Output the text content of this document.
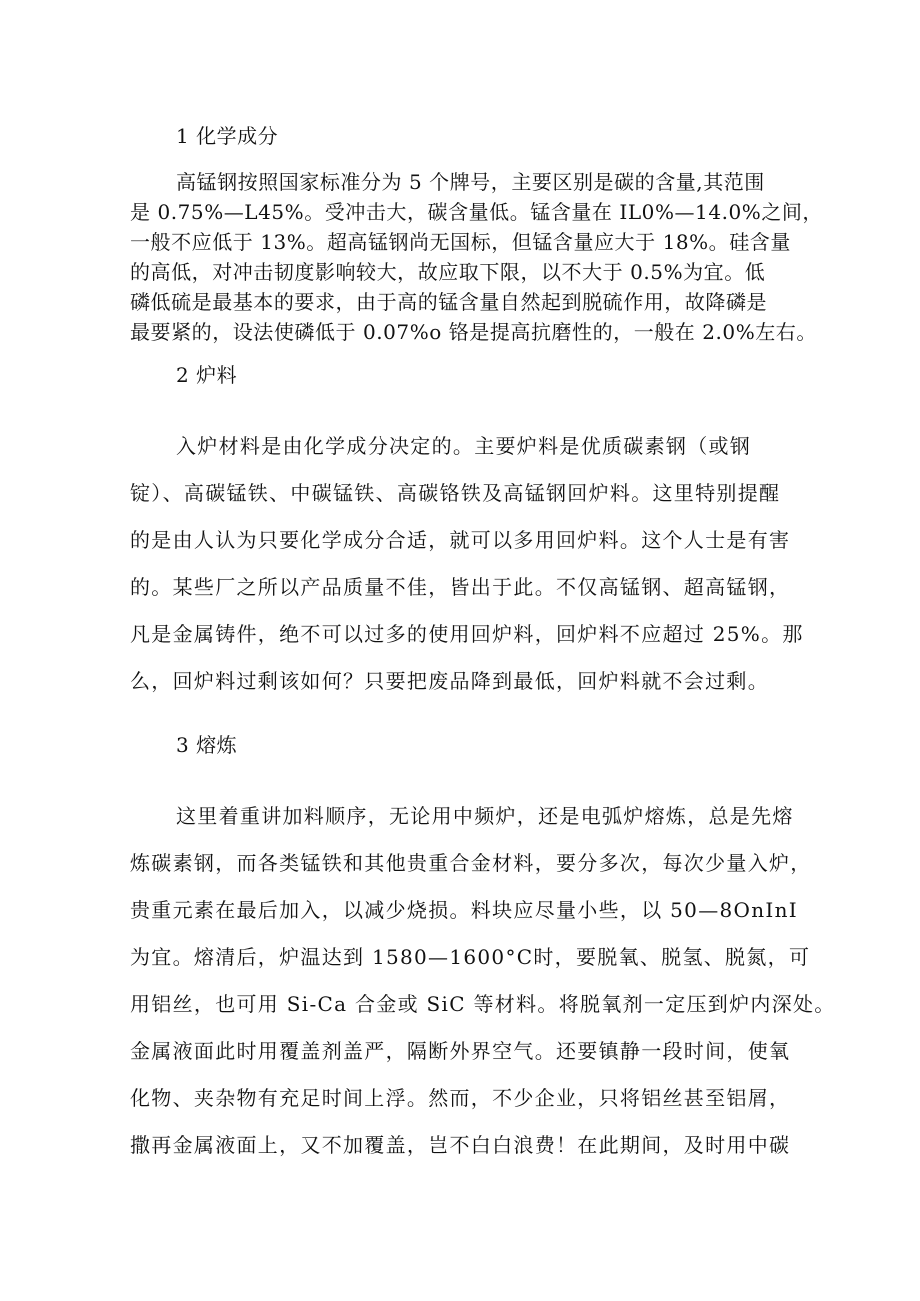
1 化学成分
高锰钢按照国家标准分为 5 个牌号，主要区别是碳的含量,其范围
是 0.75%—L45%。受冲击大，碳含量低。锰含量在 IL0%—14.0%之间，
一般不应低于 13%。超高锰钢尚无国标，但锰含量应大于 18%。硅含量
的高低，对冲击韧度影响较大，故应取下限，以不大于 0.5%为宜。低
磷低硫是最基本的要求，由于高的锰含量自然起到脱硫作用，故降磷是
最要紧的，设法使磷低于 0.07%o 铬是提高抗磨性的，一般在 2.0%左右。
2 炉料
入炉材料是由化学成分决定的。主要炉料是优质碳素钢（或钢
锭）、高碳锰铁、中碳锰铁、高碳铬铁及高锰钢回炉料。这里特别提醒
的是由人认为只要化学成分合适，就可以多用回炉料。这个人士是有害
的。某些厂之所以产品质量不佳，皆出于此。不仅高锰钢、超高锰钢，
凡是金属铸件，绝不可以过多的使用回炉料，回炉料不应超过 25%。那
么，回炉料过剩该如何？只要把废品降到最低，回炉料就不会过剩。
3 熔炼
这里着重讲加料顺序，无论用中频炉，还是电弧炉熔炼，总是先熔
炼碳素钢，而各类锰铁和其他贵重合金材料，要分多次，每次少量入炉，
贵重元素在最后加入，以减少烧损。料块应尽量小些，以 50—8OnInI
为宜。熔清后，炉温达到 1580—1600°C时，要脱氧、脱氢、脱氮，可
用铝丝，也可用 Si-Ca 合金或 SiC 等材料。将脱氧剂一定压到炉内深处。
金属液面此时用覆盖剂盖严，隔断外界空气。还要镇静一段时间，使氧
化物、夹杂物有充足时间上浮。然而，不少企业，只将铝丝甚至铝屑，
撒再金属液面上，又不加覆盖，岂不白白浪费！在此期间，及时用中碳
